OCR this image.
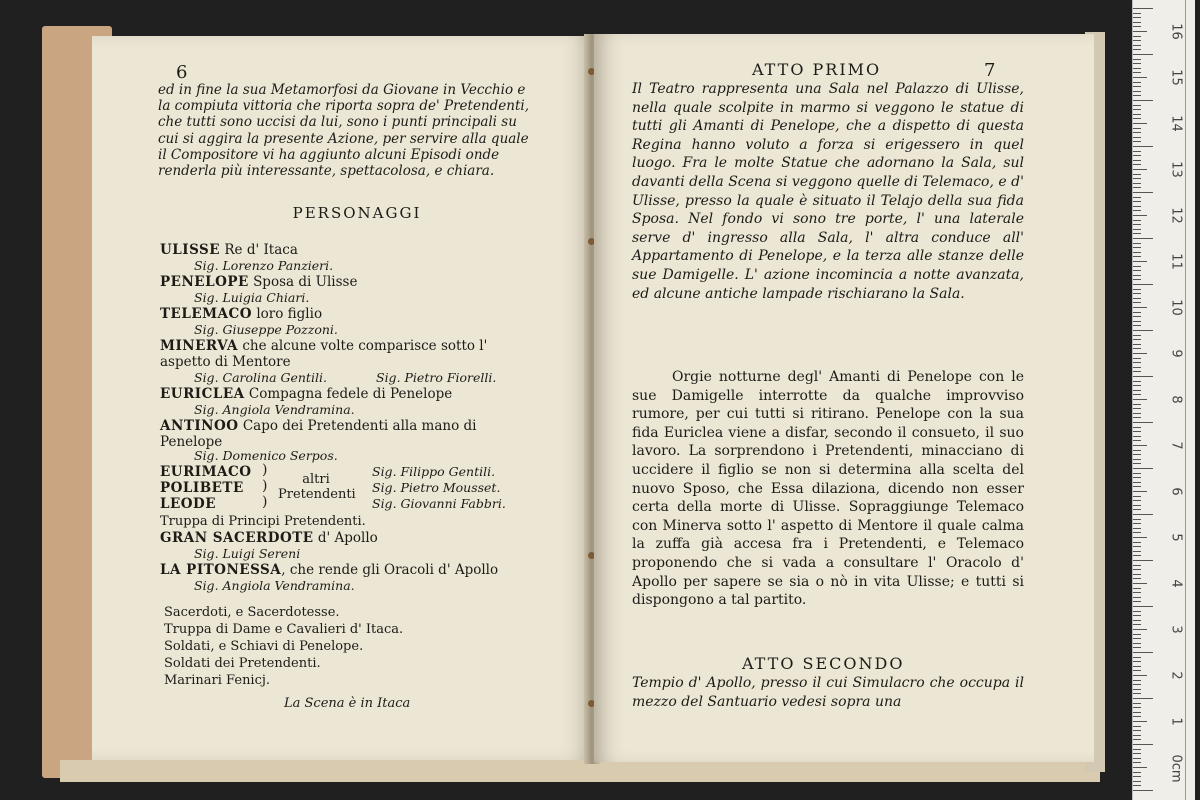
6
ed in fine la sua Metamorfosi da Giovane in Vecchio e la compiuta vittoria che riporta sopra de' Pretendenti, che tutti sono uccisi da lui, sono i punti principali su cui si aggira la presente Azione, per servire alla quale il Compositore vi ha aggiunto alcuni Episodi onde renderla più interessante, spettacolosa, e chiara.
PERSONAGGI
ULISSE Re d' Itaca
Sig. Lorenzo Panzieri.
PENELOPE Sposa di Ulisse
Sig. Luigia Chiari.
TELEMACO loro figlio
Sig. Giuseppe Pozzoni.
MINERVA che alcune volte comparisce sotto l' aspetto di Mentore
Sig. Carolina Gentili.	Sig. Pietro Fiorelli.
EURICLEA Compagna fedele di Penelope
Sig. Angiola Vendramina.
ANTINOO Capo dei Pretendenti alla mano di Penelope
Sig. Domenico Serpos.
EURIMACO
POLIBETE
LEODE
)
)
)
altri Pretendenti
Sig. Filippo Gentili.
Sig. Pietro Mousset.
Sig. Giovanni Fabbri.
Truppa di Principi Pretendenti.
GRAN SACERDOTE d' Apollo
Sig. Luigi Sereni
LA PITONESSA, che rende gli Oracoli d' Apollo
Sig. Angiola Vendramina.
Sacerdoti, e Sacerdotesse.
Truppa di Dame e Cavalieri d' Itaca.
Soldati, e Schiavi di Penelope.
Soldati dei Pretendenti.
Marinari Fenicj.
La Scena è in Itaca
ATTO PRIMO	7
Il Teatro rappresenta una Sala nel Palazzo di Ulisse, nella quale scolpite in marmo si veggono le statue di tutti gli Amanti di Penelope, che a dispetto di questa Regina hanno voluto a forza si erigessero in quel luogo. Fra le molte Statue che adornano la Sala, sul davanti della Scena si veggono quelle di Telemaco, e d' Ulisse, presso la quale è situato il Telajo della sua fida Sposa. Nel fondo vi sono tre porte, l' una laterale serve d' ingresso alla Sala, l' altra conduce all' Appartamento di Penelope, e la terza alle stanze delle sue Damigelle. L' azione incomincia a notte avanzata, ed alcune antiche lampade rischiarano la Sala.
Orgie notturne degl' Amanti di Penelope con le sue Damigelle interrotte da qualche improvviso rumore, per cui tutti si ritirano. Penelope con la sua fida Euriclea viene a disfar, secondo il consueto, il suo lavoro. La sorprendono i Pretendenti, minacciano di uccidere il figlio se non si determina alla scelta del nuovo Sposo, che Essa dilaziona, dicendo non esser certa della morte di Ulisse. Sopraggiunge Telemaco con Minerva sotto l' aspetto di Mentore il quale calma la zuffa già accesa fra i Pretendenti, e Telemaco proponendo che si vada a consultare l' Oracolo d' Apollo per sapere se sia o nò in vita Ulisse; e tutti si dispongono a tal partito.
ATTO SECONDO
Tempio d' Apollo, presso il cui Simulacro che occupa il mezzo del Santuario vedesi sopra una
16
15
14
13
12
11
10
9
8
7
6
5
4
3
2
1
0cm
